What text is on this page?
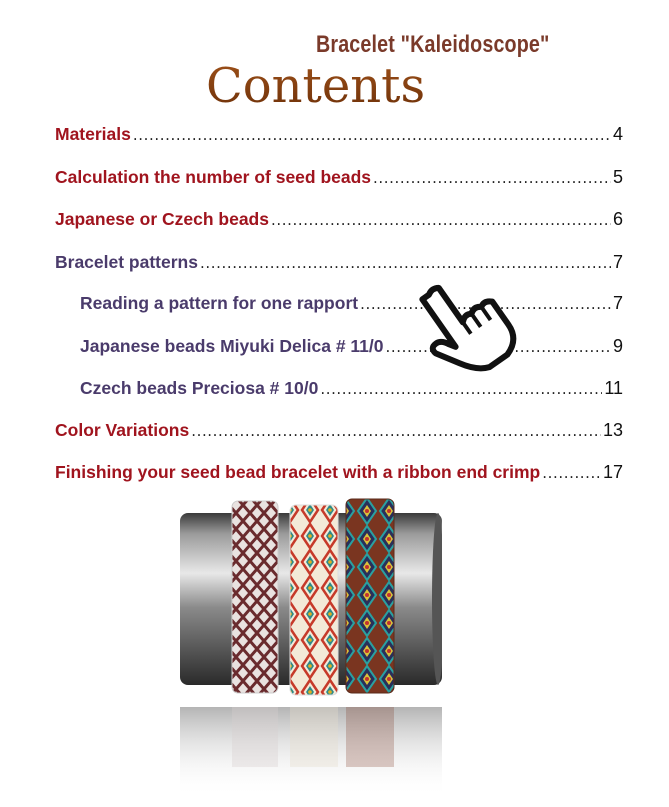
Bracelet "Kaleidoscope"
Contents
Materials .....	4
Calculation the number of seed beads .....	5
Japanese or Czech beads .....	6
Bracelet patterns .....	7
Reading a pattern for one rapport .....	7
Japanese beads Miyuki Delica # 11/0 .....	9
Czech beads Preciosa # 10/0 .....	11
Color Variations .....	13
Finishing your seed bead bracelet with a ribbon end crimp .....	17
